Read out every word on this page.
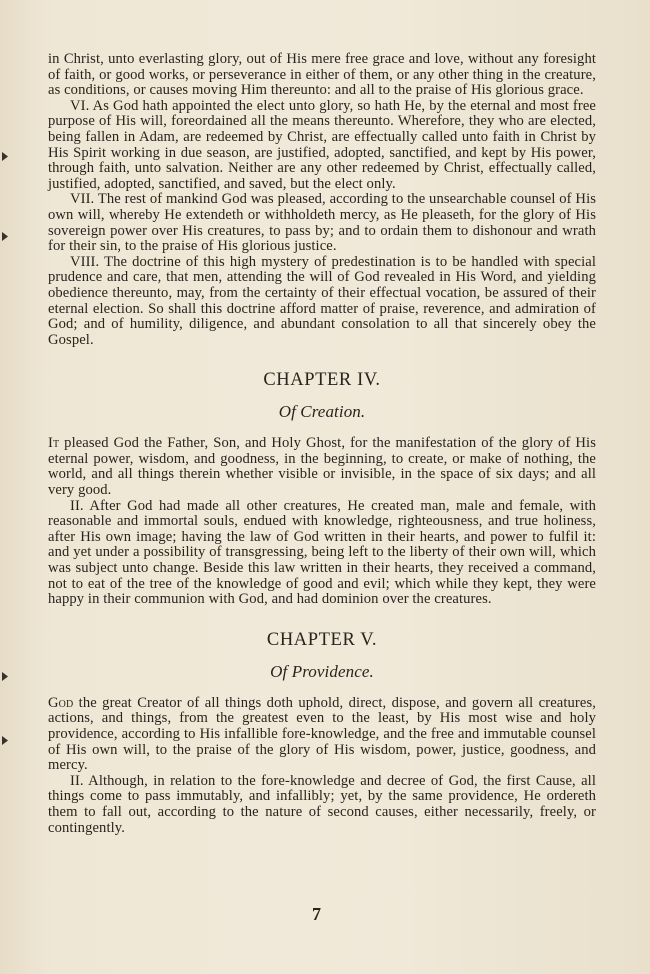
in Christ, unto everlasting glory, out of His mere free grace and love, without any foresight of faith, or good works, or perseverance in either of them, or any other thing in the creature, as conditions, or causes moving Him thereunto: and all to the praise of His glorious grace.

VI. As God hath appointed the elect unto glory, so hath He, by the eternal and most free purpose of His will, foreordained all the means thereunto. Wherefore, they who are elected, being fallen in Adam, are redeemed by Christ, are effectually called unto faith in Christ by His Spirit working in due season, are justified, adopted, sanctified, and kept by His power, through faith, unto salvation. Neither are any other redeemed by Christ, effectually called, justified, adopted, sanctified, and saved, but the elect only.

VII. The rest of mankind God was pleased, according to the unsearchable counsel of His own will, whereby He extendeth or withholdeth mercy, as He pleaseth, for the glory of His sovereign power over His creatures, to pass by; and to ordain them to dishonour and wrath for their sin, to the praise of His glorious justice.

VIII. The doctrine of this high mystery of predestination is to be handled with special prudence and care, that men, attending the will of God revealed in His Word, and yielding obedience thereunto, may, from the certainty of their effectual vocation, be assured of their eternal election. So shall this doctrine afford matter of praise, reverence, and admiration of God; and of humility, diligence, and abundant consolation to all that sincerely obey the Gospel.

CHAPTER IV.
Of Creation.

It pleased God the Father, Son, and Holy Ghost, for the manifestation of the glory of His eternal power, wisdom, and goodness, in the beginning, to create, or make of nothing, the world, and all things therein whether visible or invisible, in the space of six days; and all very good.

II. After God had made all other creatures, He created man, male and female, with reasonable and immortal souls, endued with knowledge, righteousness, and true holiness, after His own image; having the law of God written in their hearts, and power to fulfil it: and yet under a possibility of transgressing, being left to the liberty of their own will, which was subject unto change. Beside this law written in their hearts, they received a command, not to eat of the tree of the knowledge of good and evil; which while they kept, they were happy in their communion with God, and had dominion over the creatures.

CHAPTER V.
Of Providence.

God the great Creator of all things doth uphold, direct, dispose, and govern all creatures, actions, and things, from the greatest even to the least, by His most wise and holy providence, according to His infallible fore-knowledge, and the free and immutable counsel of His own will, to the praise of the glory of His wisdom, power, justice, goodness, and mercy.

II. Although, in relation to the fore-knowledge and decree of God, the first Cause, all things come to pass immutably, and infallibly; yet, by the same providence, He ordereth them to fall out, according to the nature of second causes, either necessarily, freely, or contingently.

7
